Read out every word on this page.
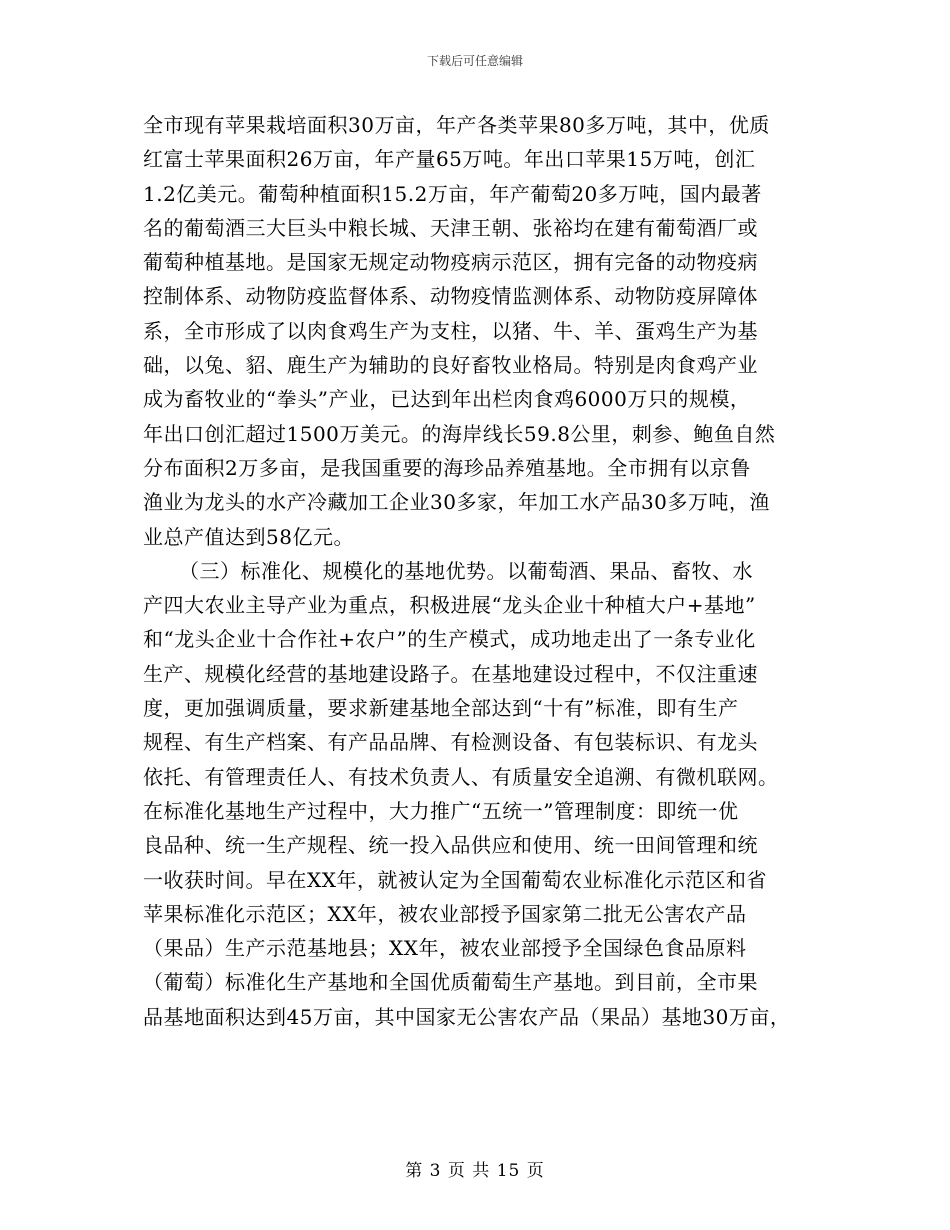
下载后可任意编辑
全市现有苹果栽培面积30万亩，年产各类苹果80多万吨，其中，优质
红富士苹果面积26万亩，年产量65万吨。年出口苹果15万吨，创汇
1.2亿美元。葡萄种植面积15.2万亩，年产葡萄20多万吨，国内最著
名的葡萄酒三大巨头中粮长城、天津王朝、张裕均在建有葡萄酒厂或
葡萄种植基地。是国家无规定动物疫病示范区，拥有完备的动物疫病
控制体系、动物防疫监督体系、动物疫情监测体系、动物防疫屏障体
系，全市形成了以肉食鸡生产为支柱，以猪、牛、羊、蛋鸡生产为基
础，以兔、貂、鹿生产为辅助的良好畜牧业格局。特别是肉食鸡产业
成为畜牧业的“拳头”产业，已达到年出栏肉食鸡6000万只的规模，
年出口创汇超过1500万美元。的海岸线长59.8公里，刺参、鲍鱼自然
分布面积2万多亩，是我国重要的海珍品养殖基地。全市拥有以京鲁
渔业为龙头的水产冷藏加工企业30多家，年加工水产品30多万吨，渔
业总产值达到58亿元。
（三）标准化、规模化的基地优势。以葡萄酒、果品、畜牧、水
产四大农业主导产业为重点，积极进展“龙头企业十种植大户+基地”
和“龙头企业十合作社+农户”的生产模式，成功地走出了一条专业化
生产、规模化经营的基地建设路子。在基地建设过程中，不仅注重速
度，更加强调质量，要求新建基地全部达到“十有”标准，即有生产
规程、有生产档案、有产品品牌、有检测设备、有包装标识、有龙头
依托、有管理责任人、有技术负责人、有质量安全追溯、有微机联网。
在标准化基地生产过程中，大力推广“五统一”管理制度：即统一优
良品种、统一生产规程、统一投入品供应和使用、统一田间管理和统
一收获时间。早在XX年，就被认定为全国葡萄农业标准化示范区和省
苹果标准化示范区；XX年，被农业部授予国家第二批无公害农产品
（果品）生产示范基地县；XX年，被农业部授予全国绿色食品原料
（葡萄）标准化生产基地和全国优质葡萄生产基地。到目前，全市果
品基地面积达到45万亩，其中国家无公害农产品（果品）基地30万亩，
第 3 页 共 15 页
